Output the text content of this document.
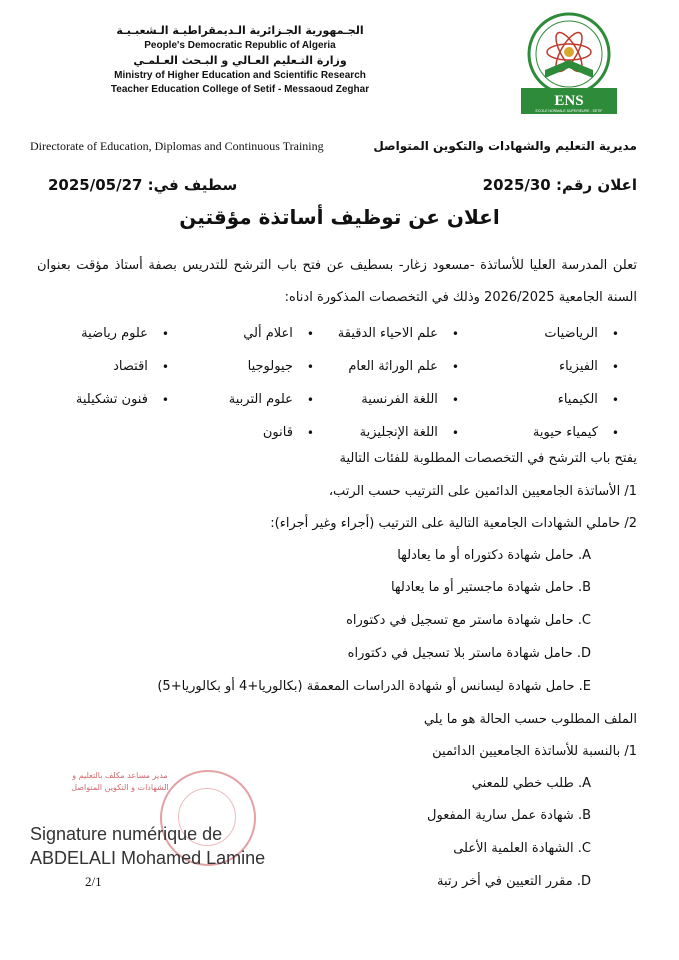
الجـمهورية الجـزائرية الـديمقراطيـة الـشعبـيـة
People's Democratic Republic of Algeria
وزارة التـعليم العـالي و البـحث العـلمـي
Ministry of Higher Education and Scientific Research
Teacher Education College of Setif - Messaoud Zeghar
ENS
ECOLE NORMALE SUPERIEURE - SETIF
Directorate of Education, Diplomas and Continuous Training	مديرية التعليم والشهادات والتكوين المتواصل
اعلان رقم: 2025/30
سطيف في: 2025/05/27
اعلان عن توظيف أساتذة مؤقتين
تعلن المدرسة العليا للأساتذة -مسعود زغار- بسطيف عن فتح باب الترشح للتدريس بصفة أستاذ مؤقت بعنوان السنة الجامعية 2026/2025 وذلك في التخصصات المذكورة ادناه:
• الرياضيات
• علم الاحياء الدقيقة
• اعلام ألي
• علوم رياضية
• الفيزياء
• علم الوراثة العام
• جيولوجيا
• اقتصاد
• الكيمياء
• اللغة الفرنسية
• علوم التربية
• فنون تشكيلية
• كيمياء حيوية
• اللغة الإنجليزية
• قانون
يفتح باب الترشح في التخصصات المطلوبة للفئات التالية
1/ الأساتذة الجامعيين الدائمين على الترتيب حسب الرتب،
2/ حاملي الشهادات الجامعية التالية على الترتيب (أجراء وغير أجراء):
A. حامل شهادة دكتوراه أو ما يعادلها
B. حامل شهادة ماجستير أو ما يعادلها
C. حامل شهادة ماستر مع تسجيل في دكتوراه
D. حامل شهادة ماستر بلا تسجيل في دكتوراه
E. حامل شهادة ليسانس أو شهادة الدراسات المعمقة (بكالوريا+4 أو بكالوريا+5)
الملف المطلوب حسب الحالة هو ما يلي
1/ بالنسبة للأساتذة الجامعيين الدائمين
A. طلب خطي للمعني
B. شهادة عمل سارية المفعول
C. الشهادة العلمية الأعلى
D. مقرر التعيين في أخر رتبة
مدير مساعد مكلف بالتعليم و الشهادات و التكوين المتواصل
Signature numérique de
ABDELALI Mohamed Lamine
2/1
